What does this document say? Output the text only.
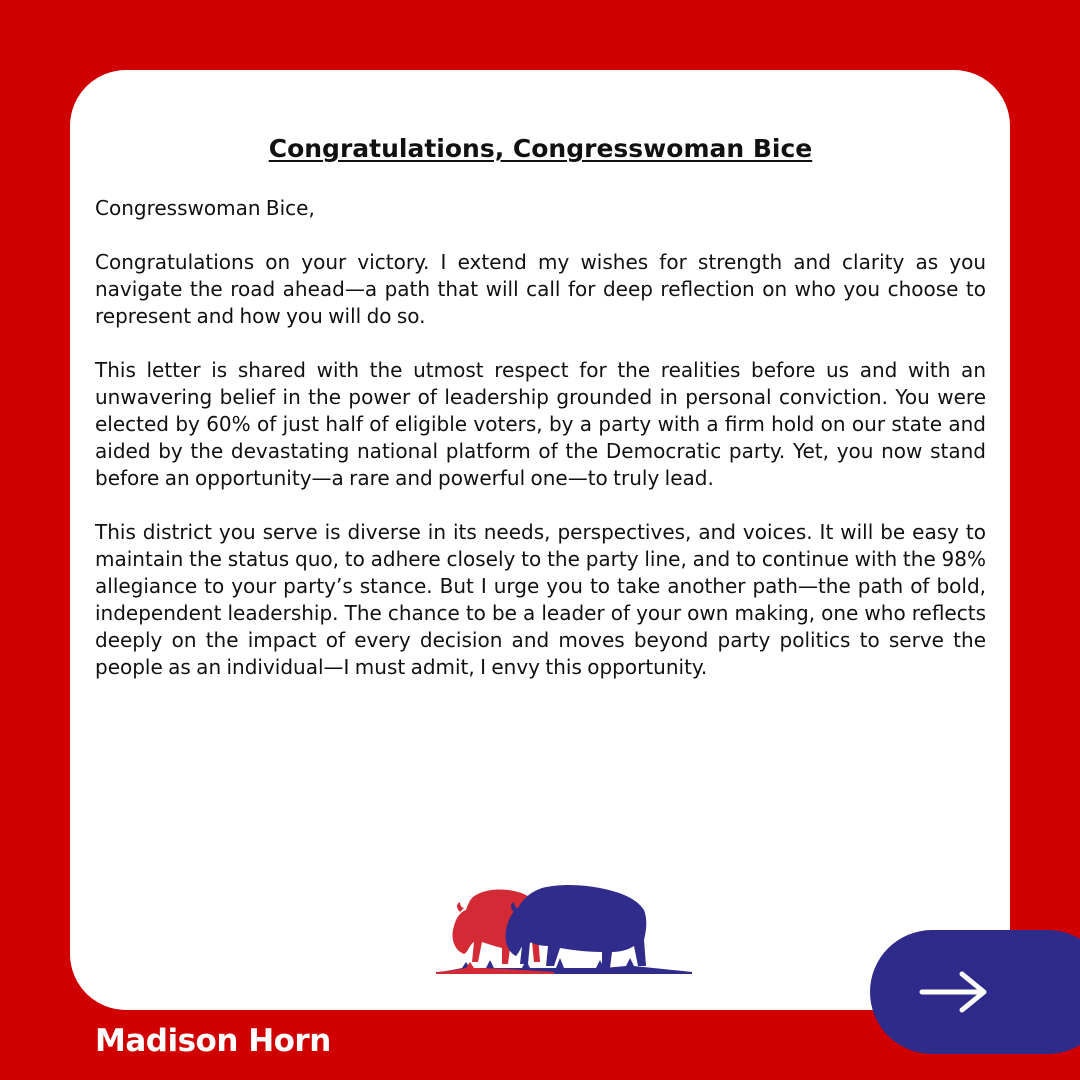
Congratulations, Congresswoman Bice

Congresswoman Bice,

Congratulations on your victory. I extend my wishes for strength and clarity as you navigate the road ahead—a path that will call for deep reflection on who you choose to represent and how you will do so.

This letter is shared with the utmost respect for the realities before us and with an unwavering belief in the power of leadership grounded in personal conviction. You were elected by 60% of just half of eligible voters, by a party with a firm hold on our state and aided by the devastating national platform of the Democratic party. Yet, you now stand before an opportunity—a rare and powerful one—to truly lead.

This district you serve is diverse in its needs, perspectives, and voices. It will be easy to maintain the status quo, to adhere closely to the party line, and to continue with the 98% allegiance to your party’s stance. But I urge you to take another path—the path of bold, independent leadership. The chance to be a leader of your own making, one who reflects deeply on the impact of every decision and moves beyond party politics to serve the people as an individual—I must admit, I envy this opportunity.

Madison Horn
